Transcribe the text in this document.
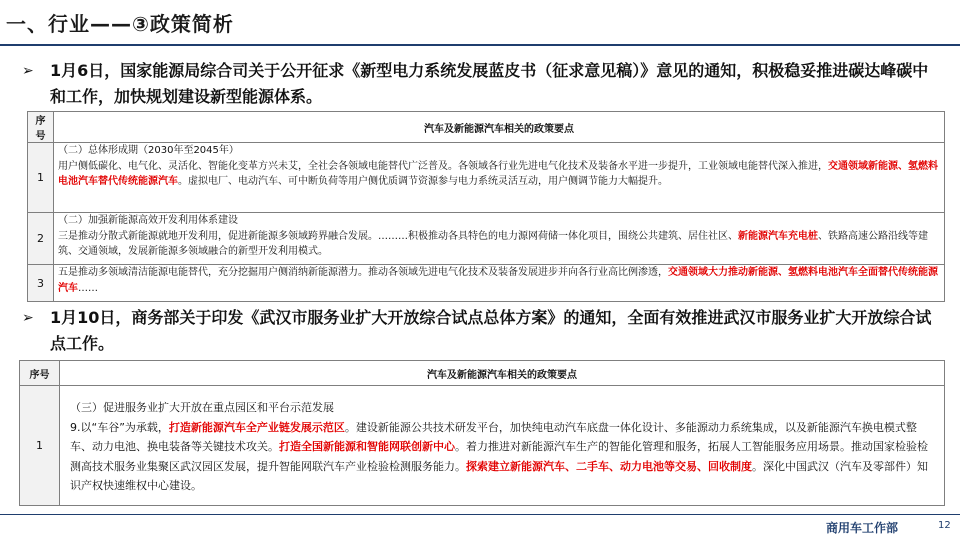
一、行业——③政策简析
➢ 1月6日，国家能源局综合司关于公开征求《新型电力系统发展蓝皮书（征求意见稿）》意见的通知，积极稳妥推进碳达峰碳中和工作，加快规划建设新型能源体系。
序号	汽车及新能源汽车相关的政策要点
1	（二）总体形成期（2030年至2045年）
用户侧低碳化、电气化、灵活化、智能化变革方兴未艾，全社会各领域电能替代广泛普及。各领域各行业先进电气化技术及装备水平进一步提升，工业领域电能替代深入推进，交通领域新能源、氢燃料电池汽车替代传统能源汽车。虚拟电厂、电动汽车、可中断负荷等用户侧优质调节资源参与电力系统灵活互动，用户侧调节能力大幅提升。
2	（二）加强新能源高效开发利用体系建设
三是推动分散式新能源就地开发利用，促进新能源多领域跨界融合发展。………积极推动各具特色的电力源网荷储一体化项目，围绕公共建筑、居住社区、新能源汽车充电桩、铁路高速公路沿线等建筑、交通领域，发展新能源多领域融合的新型开发利用模式。
3	五是推动多领域清洁能源电能替代，充分挖掘用户侧消纳新能源潜力。推动各领域先进电气化技术及装备发展进步并向各行业高比例渗透，交通领域大力推动新能源、氢燃料电池汽车全面替代传统能源汽车……
➢ 1月10日，商务部关于印发《武汉市服务业扩大开放综合试点总体方案》的通知，全面有效推进武汉市服务业扩大开放综合试点工作。
序号	汽车及新能源汽车相关的政策要点
1	（三）促进服务业扩大开放在重点园区和平台示范发展
9.以“车谷”为承载，打造新能源汽车全产业链发展示范区。建设新能源公共技术研发平台，加快纯电动汽车底盘一体化设计、多能源动力系统集成，以及新能源汽车换电模式整车、动力电池、换电装备等关键技术攻关。打造全国新能源和智能网联创新中心。着力推进对新能源汽车生产的智能化管理和服务，拓展人工智能服务应用场景。推动国家检验检测高技术服务业集聚区武汉园区发展，提升智能网联汽车产业检验检测服务能力。探索建立新能源汽车、二手车、动力电池等交易、回收制度。深化中国武汉（汽车及零部件）知识产权快速维权中心建设。
商用车工作部	12
